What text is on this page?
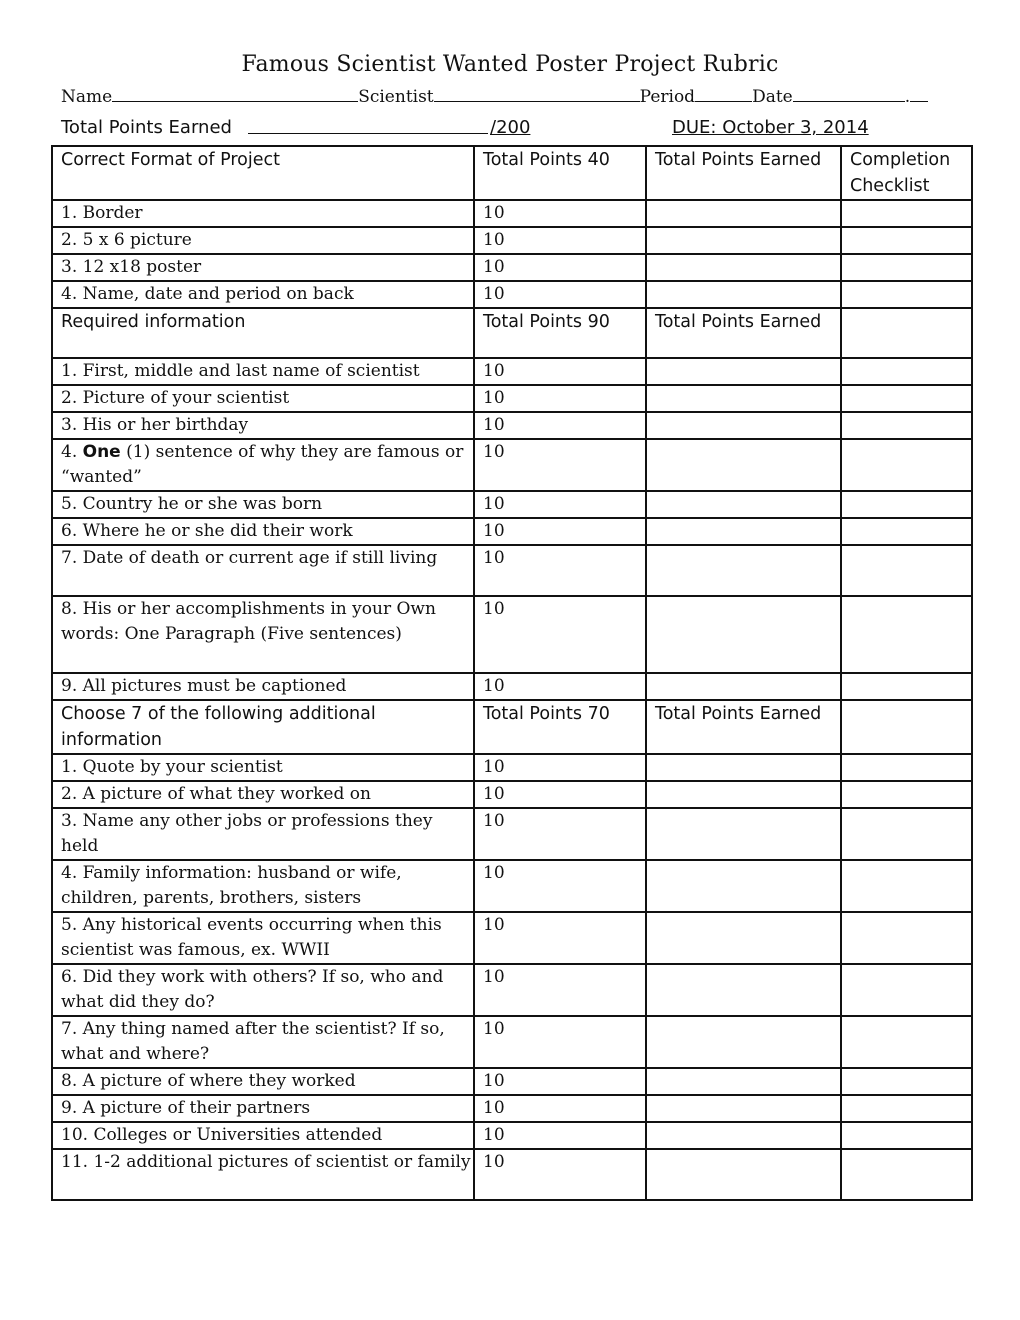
Famous Scientist Wanted Poster Project Rubric
Name	Scientist	Period	Date	.
Total Points Earned	/200	DUE: October 3, 2014
Correct Format of Project	Total Points 40	Total Points Earned	Completion Checklist
1. Border	10		
2. 5 x 6 picture	10		
3. 12 x18 poster	10		
4. Name, date and period on back	10		
Required information	Total Points 90	Total Points Earned	
1. First, middle and last name of scientist	10		
2. Picture of your scientist	10		
3. His or her birthday	10		
4. One (1) sentence of why they are famous or “wanted”	10		
5. Country he or she was born	10		
6. Where he or she did their work	10		
7. Date of death or current age if still living	10		
8. His or her accomplishments in your Own words: One Paragraph (Five sentences)	10		
9. All pictures must be captioned	10		
Choose 7 of the following additional information	Total Points 70	Total Points Earned	
1. Quote by your scientist	10		
2. A picture of what they worked on	10		
3. Name any other jobs or professions they held	10		
4. Family information: husband or wife, children, parents, brothers, sisters	10		
5. Any historical events occurring when this scientist was famous, ex. WWII	10		
6. Did they work with others? If so, who and what did they do?	10		
7. Any thing named after the scientist? If so, what and where?	10		
8. A picture of where they worked	10		
9. A picture of their partners	10		
10. Colleges or Universities attended	10		
11. 1-2 additional pictures of scientist or family	10		
